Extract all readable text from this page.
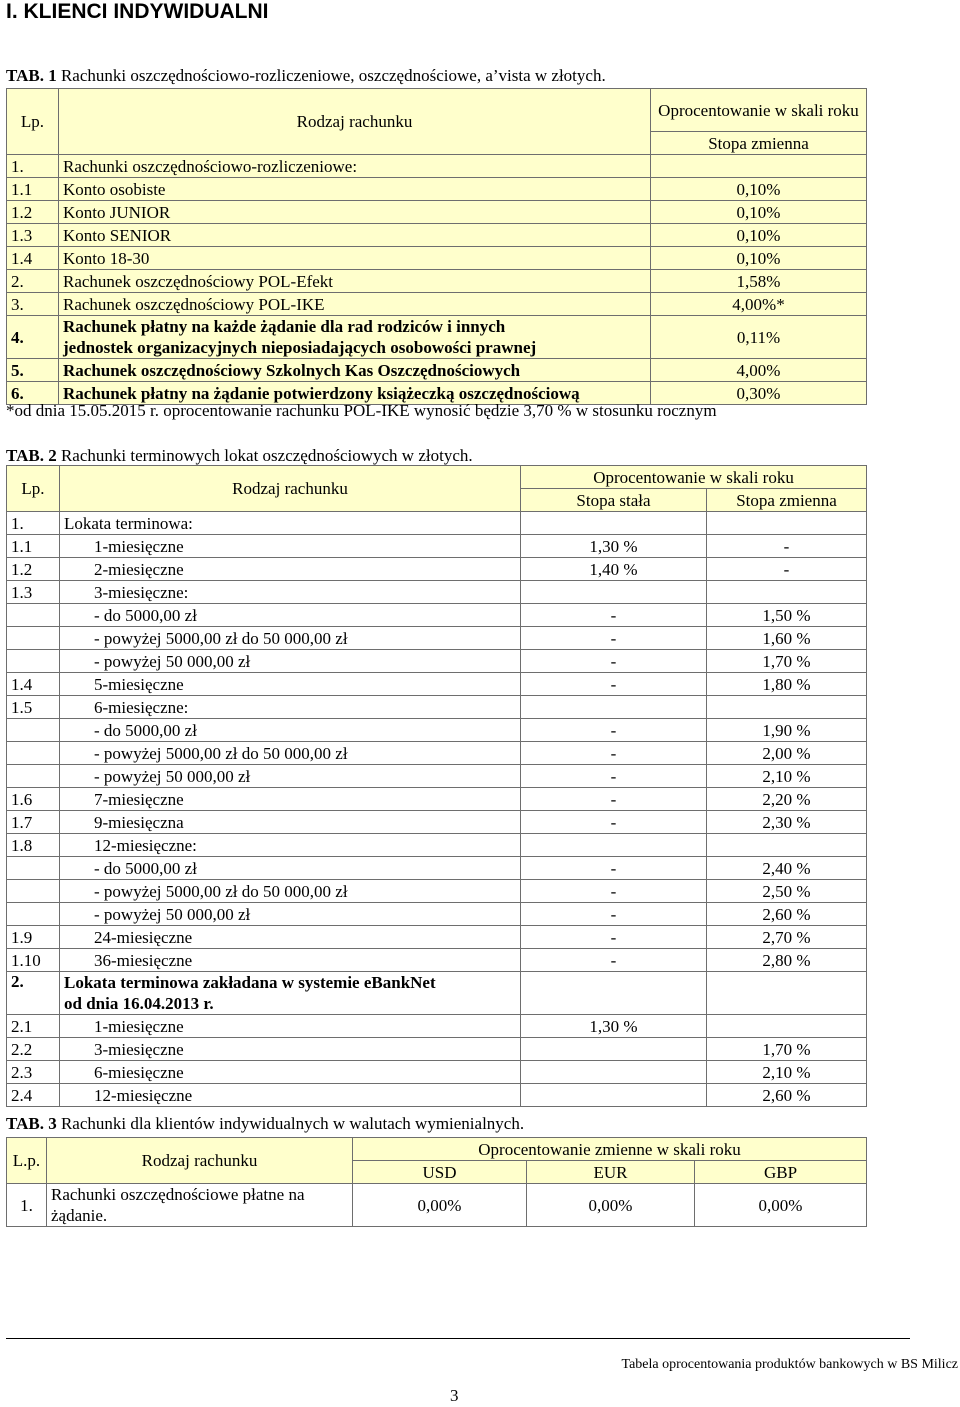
I. KLIENCI INDYWIDUALNI
TAB. 1 Rachunki oszczędnościowo-rozliczeniowe, oszczędnościowe, a’vista w złotych.
Lp.	Rodzaj rachunku	Oprocentowanie w skali roku
		Stopa zmienna
1.	Rachunki oszczędnościowo-rozliczeniowe:	
1.1	Konto osobiste	0,10%
1.2	Konto JUNIOR	0,10%
1.3	Konto SENIOR	0,10%
1.4	Konto 18-30	0,10%
2.	Rachunek oszczędnościowy POL-Efekt	1,58%
3.	Rachunek oszczędnościowy POL-IKE	4,00%*
4.	Rachunek płatny na każde żądanie dla rad rodziców i innych jednostek organizacyjnych nieposiadających osobowości prawnej	0,11%
5.	Rachunek oszczędnościowy Szkolnych Kas Oszczędnościowych	4,00%
6.	Rachunek płatny na żądanie potwierdzony książeczką oszczędnościową	0,30%
*od dnia 15.05.2015 r. oprocentowanie rachunku POL-IKE wynosić będzie 3,70 % w stosunku rocznym
TAB. 2 Rachunki terminowych lokat oszczędnościowych w złotych.
Lp.	Rodzaj rachunku	Oprocentowanie w skali roku	
		Stopa stała	Stopa zmienna
1.	Lokata terminowa:		
1.1	1-miesięczne	1,30 %	-
1.2	2-miesięczne	1,40 %	-
1.3	3-miesięczne:		
	- do 5000,00 zł	-	1,50 %
	- powyżej 5000,00 zł do 50 000,00 zł	-	1,60 %
	- powyżej 50 000,00 zł	-	1,70 %
1.4	5-miesięczne	-	1,80 %
1.5	6-miesięczne:		
	- do 5000,00 zł	-	1,90 %
	- powyżej 5000,00 zł do 50 000,00 zł	-	2,00 %
	- powyżej 50 000,00 zł	-	2,10 %
1.6	7-miesięczne	-	2,20 %
1.7	9-miesięczna	-	2,30 %
1.8	12-miesięczne:		
	- do 5000,00 zł	-	2,40 %
	- powyżej 5000,00 zł do 50 000,00 zł	-	2,50 %
	- powyżej 50 000,00 zł	-	2,60 %
1.9	24-miesięczne	-	2,70 %
1.10	36-miesięczne	-	2,80 %
2.	Lokata terminowa zakładana w systemie eBankNet od dnia 16.04.2013 r.		
2.1	1-miesięczne	1,30 %	
2.2	3-miesięczne		1,70 %
2.3	6-miesięczne		2,10 %
2.4	12-miesięczne		2,60 %
TAB. 3 Rachunki dla klientów indywidualnych w walutach wymienialnych.
L.p.	Rodzaj rachunku	Oprocentowanie zmienne w skali roku		
		USD	EUR	GBP
1.	Rachunki oszczędnościowe płatne na żądanie.	0,00%	0,00%	0,00%
Tabela oprocentowania produktów bankowych w BS Milicz
3
